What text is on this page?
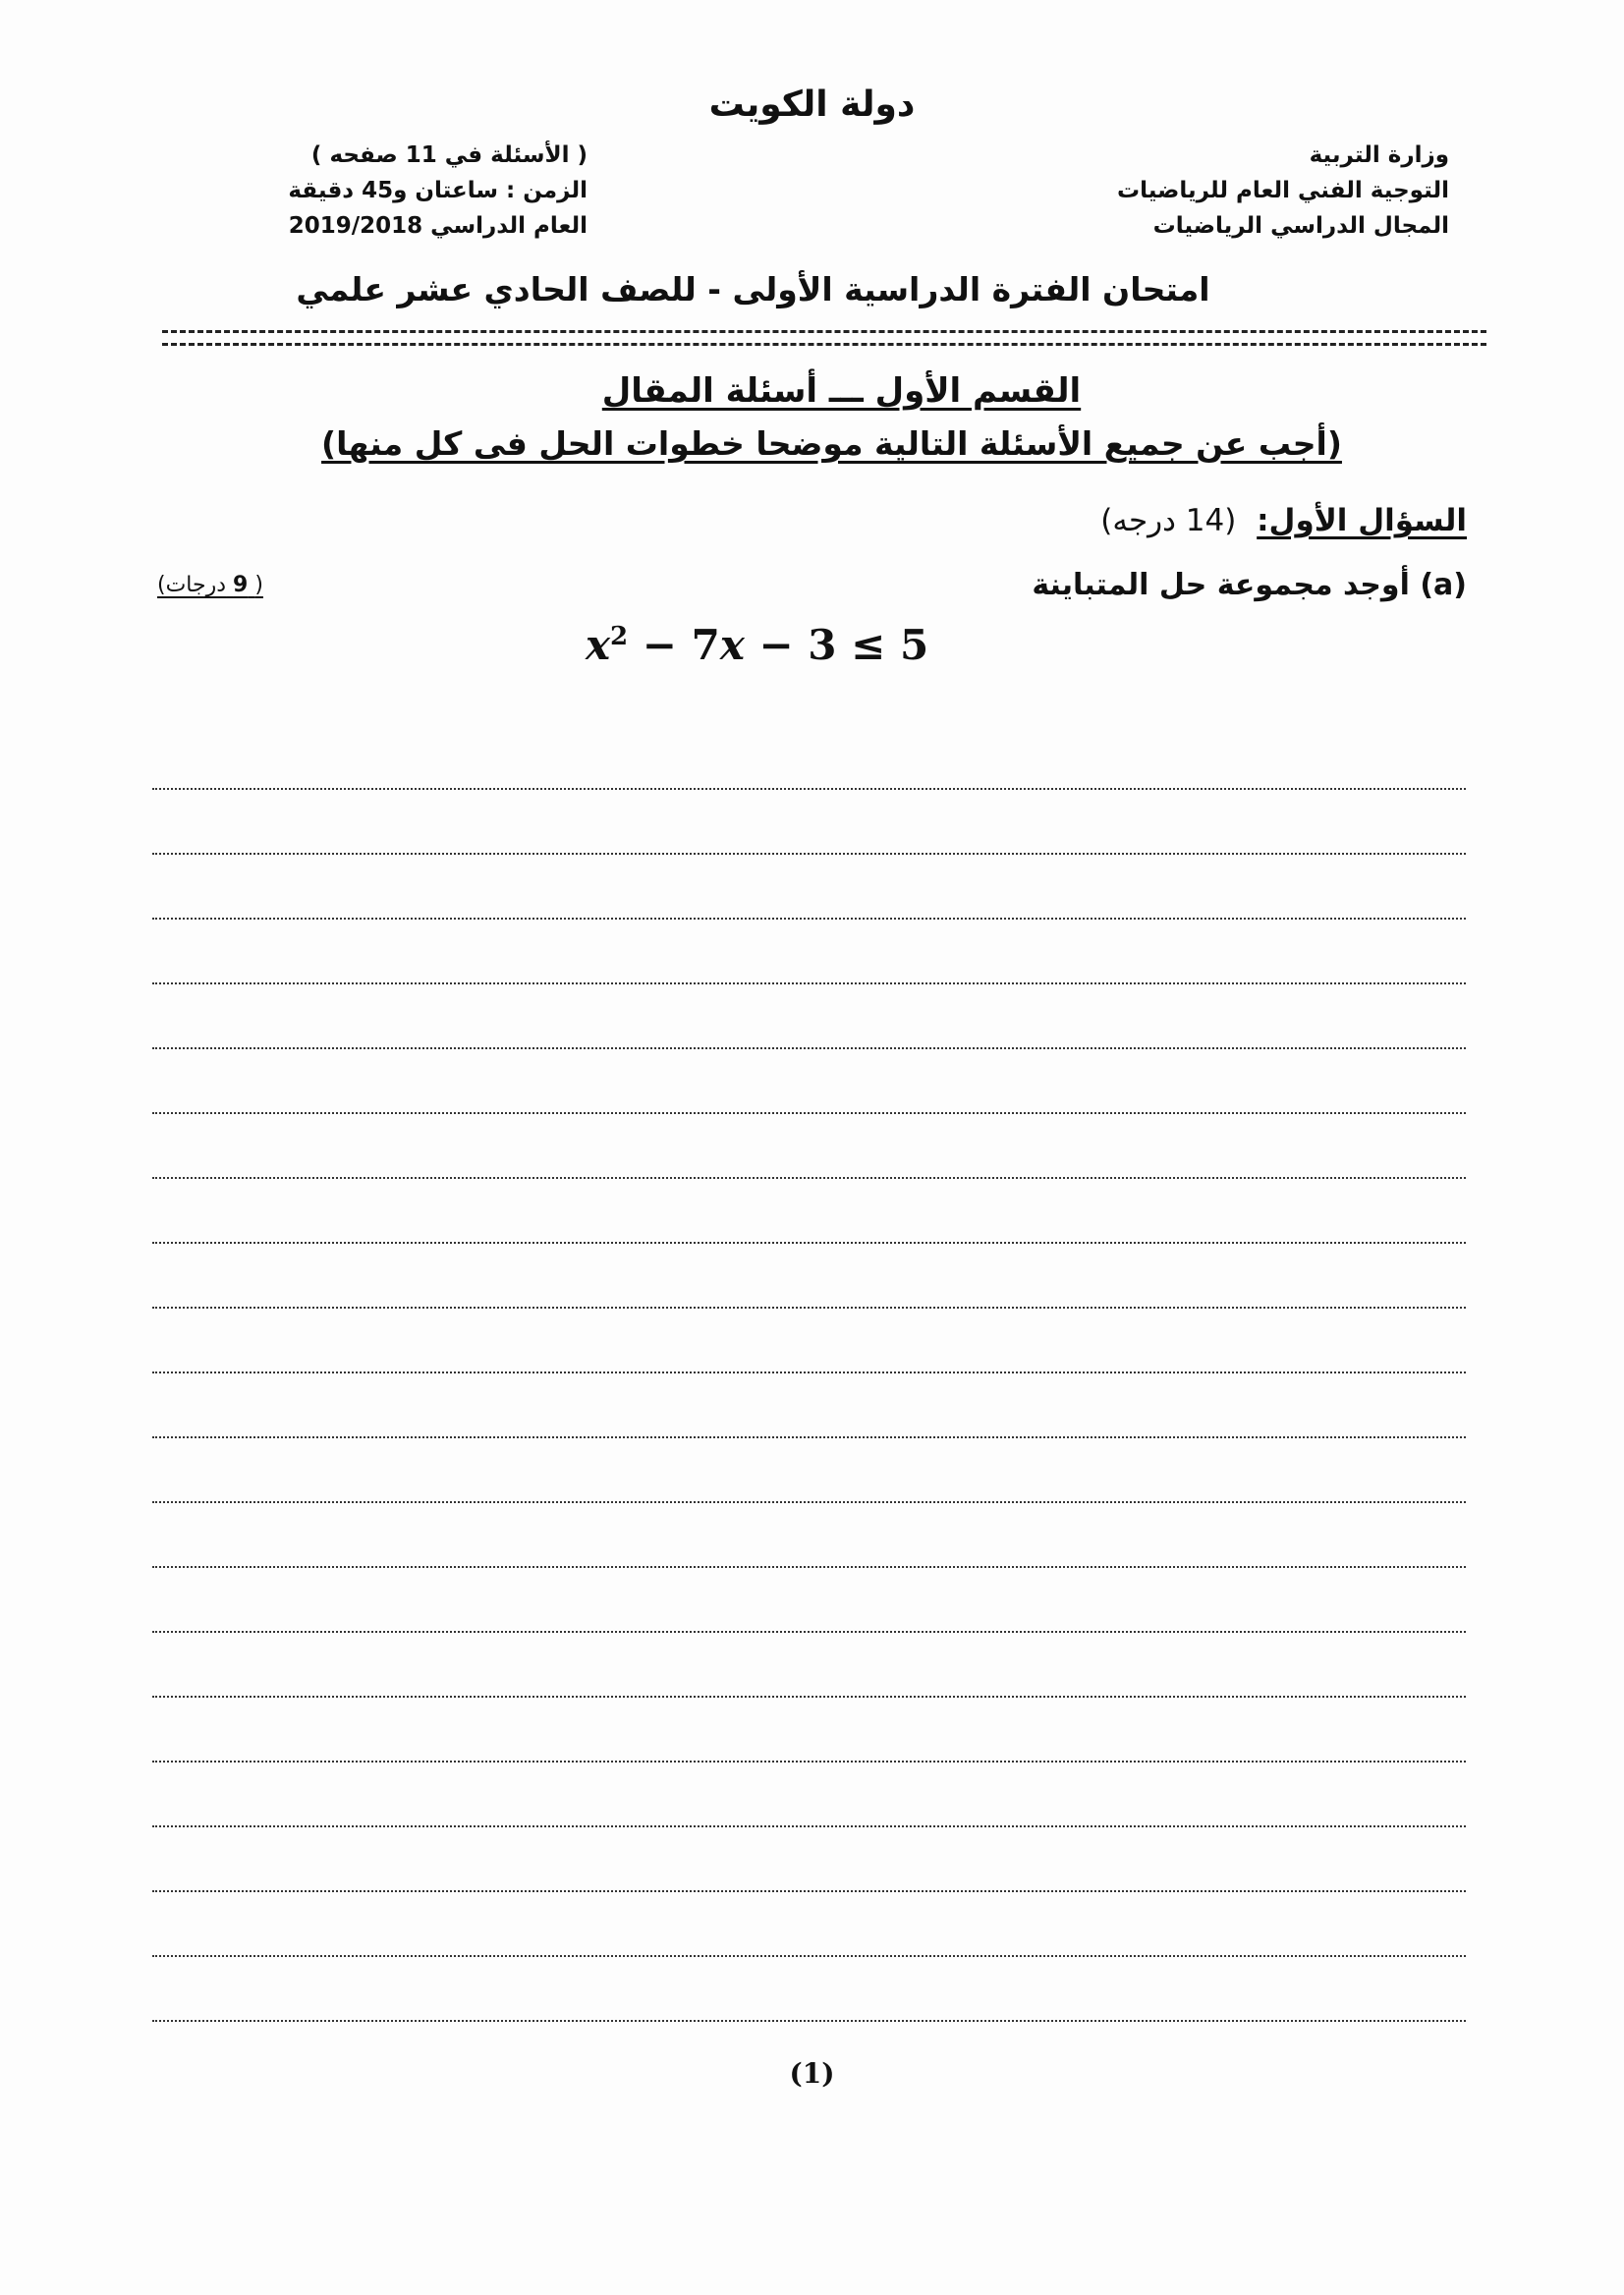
دولة الكويت
وزارة التربية
التوجية الفني العام للرياضيات
المجال الدراسي الرياضيات
( الأسئلة في 11 صفحه )
الزمن : ساعتان و45 دقيقة
العام الدراسي 2019/2018
امتحان الفترة الدراسية الأولى - للصف الحادي عشر علمي
القسم الأول ـــ أسئلة المقال
(أجب عن جميع الأسئلة التالية موضحا خطوات الحل فى كل منها)
السؤال الأول: (14 درجه)
(a) أوجد مجموعة حل المتباينة
( 9 درجات)
$x^2 - 7x - 3 \le 5$
(1)
